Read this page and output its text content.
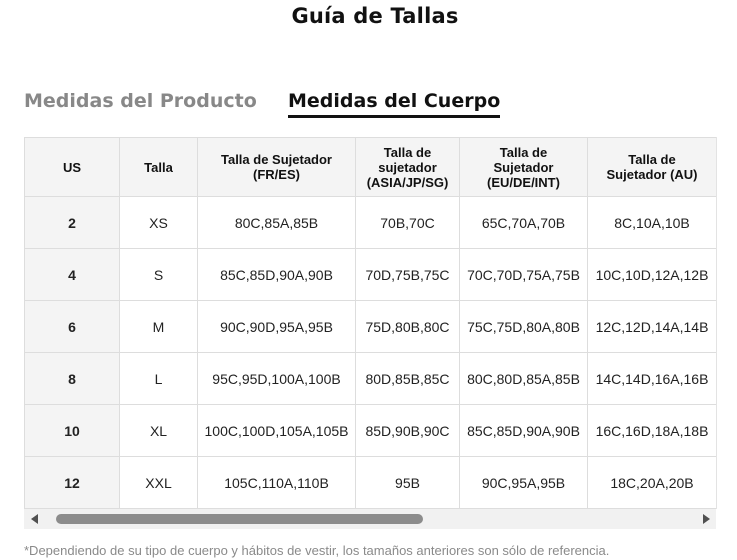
Guía de Tallas
Medidas del Producto Medidas del Cuerpo
US	Talla	Talla de Sujetador (FR/ES)	Talla de sujetador (ASIA/JP/SG)	Talla de Sujetador (EU/DE/INT)	Talla de Sujetador (AU)
2	XS	80C,85A,85B	70B,70C	65C,70A,70B	8C,10A,10B
4	S	85C,85D,90A,90B	70D,75B,75C	70C,70D,75A,75B	10C,10D,12A,12B
6	M	90C,90D,95A,95B	75D,80B,80C	75C,75D,80A,80B	12C,12D,14A,14B
8	L	95C,95D,100A,100B	80D,85B,85C	80C,80D,85A,85B	14C,14D,16A,16B
10	XL	100C,100D,105A,105B	85D,90B,90C	85C,85D,90A,90B	16C,16D,18A,18B
12	XXL	105C,110A,110B	95B	90C,95A,95B	18C,20A,20B
*Dependiendo de su tipo de cuerpo y hábitos de vestir, los tamaños anteriores son sólo de referencia.
